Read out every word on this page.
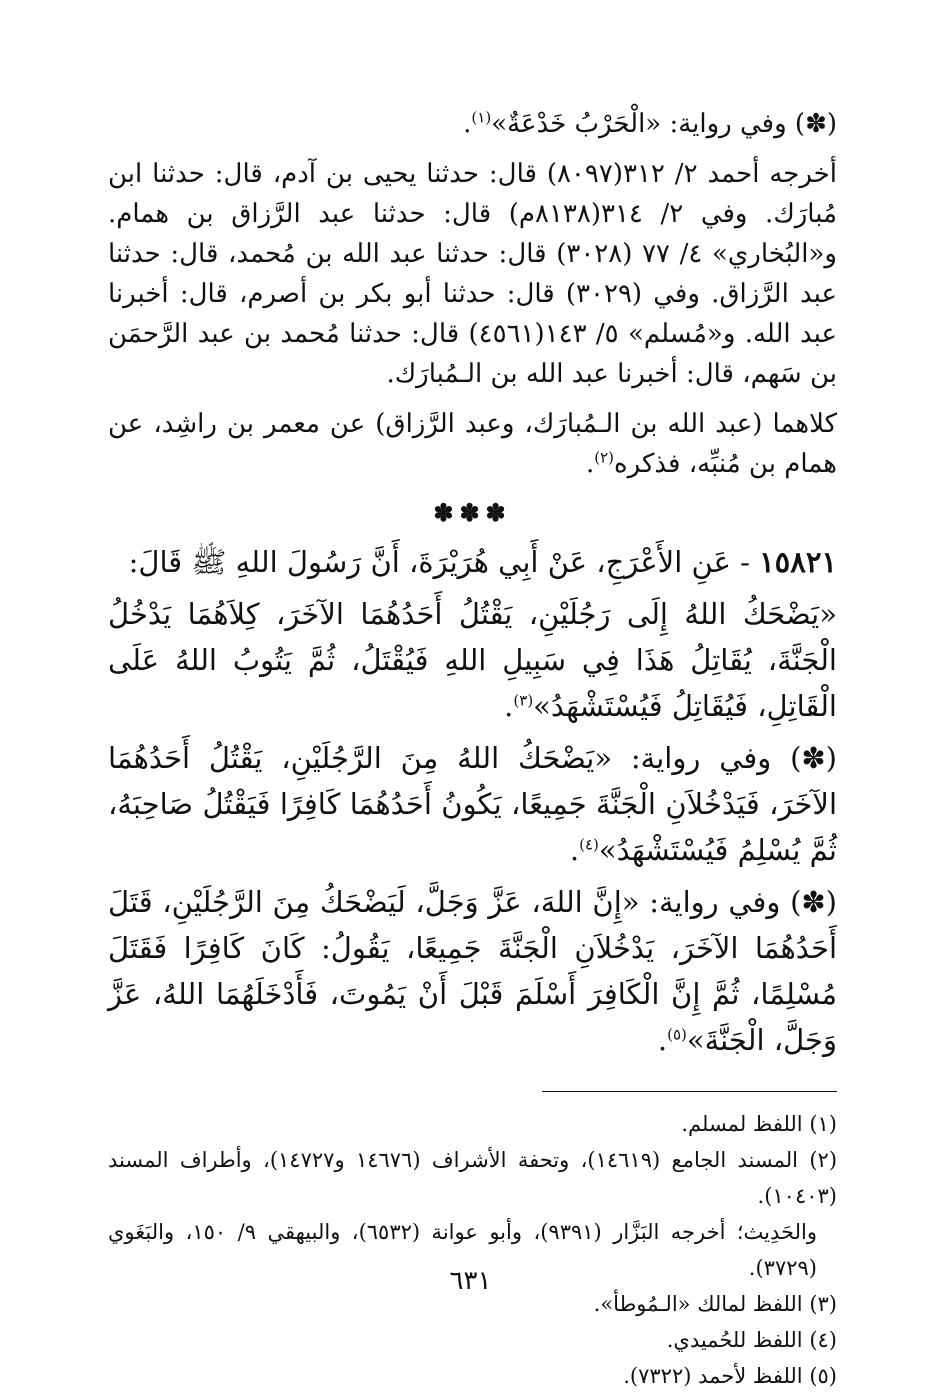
(✽) وفي رواية: «الْحَرْبُ خَدْعَةٌ»$^{(١)}$.

أخرجه أحمد ٢/ ٣١٢(٨٠٩٧) قال: حدثنا يحيى بن آدم، قال: حدثنا ابن مُبارَك. وفي ٢/ ٣١٤(٨١٣٨م) قال: حدثنا عبد الرَّزاق بن همام. و«البُخاري» ٤/ ٧٧ (٣٠٢٨) قال: حدثنا عبد الله بن مُحمد، قال: حدثنا عبد الرَّزاق. وفي (٣٠٢٩) قال: حدثنا أبو بكر بن أصرم، قال: أخبرنا عبد الله. و«مُسلم» ٥/ ١٤٣(٤٥٦١) قال: حدثنا مُحمد بن عبد الرَّحمَن بن سَهم، قال: أخبرنا عبد الله بن الـمُبارَك.

كلاهما (عبد الله بن الـمُبارَك، وعبد الرَّزاق) عن معمر بن راشِد، عن همام بن مُنبِّه، فذكره$^{(٢)}$.

✽✽✽

١٥٨٢١ - عَنِ الأَعْرَجِ، عَنْ أَبِي هُرَيْرَةَ، أَنَّ رَسُولَ اللهِ ﷺ قَالَ:

«يَضْحَكُ اللهُ إِلَى رَجُلَيْنِ، يَقْتُلُ أَحَدُهُمَا الآخَرَ، كِلاَهُمَا يَدْخُلُ الْجَنَّةَ، يُقَاتِلُ هَذَا فِي سَبِيلِ اللهِ فَيُقْتَلُ، ثُمَّ يَتُوبُ اللهُ عَلَى الْقَاتِلِ، فَيُقَاتِلُ فَيُسْتَشْهَدُ»$^{(٣)}$.

(✽) وفي رواية: «يَضْحَكُ اللهُ مِنَ الرَّجُلَيْنِ، يَقْتُلُ أَحَدُهُمَا الآخَرَ، فَيَدْخُلاَنِ الْجَنَّةَ جَمِيعًا، يَكُونُ أَحَدُهُمَا كَافِرًا فَيَقْتُلُ صَاحِبَهُ، ثُمَّ يُسْلِمُ فَيُسْتَشْهَدُ»$^{(٤)}$.

(✽) وفي رواية: «إِنَّ اللهَ، عَزَّ وَجَلَّ، لَيَضْحَكُ مِنَ الرَّجُلَيْنِ، قَتَلَ أَحَدُهُمَا الآخَرَ، يَدْخُلاَنِ الْجَنَّةَ جَمِيعًا، يَقُولُ: كَانَ كَافِرًا فَقَتَلَ مُسْلِمًا، ثُمَّ إِنَّ الْكَافِرَ أَسْلَمَ قَبْلَ أَنْ يَمُوتَ، فَأَدْخَلَهُمَا اللهُ، عَزَّ وَجَلَّ، الْجَنَّةَ»$^{(٥)}$.

(١) اللفظ لمسلم.

(٢) المسند الجامع (١٤٦١٩)، وتحفة الأشراف (١٤٦٧٦ و١٤٧٢٧)، وأطراف المسند (١٠٤٠٣).

والحَدِيث؛ أخرجه البَزَّار (٩٣٩١)، وأبو عوانة (٦٥٣٢)، والبيهقي ٩/ ١٥٠، والبَغَوي (٣٧٢٩).

(٣) اللفظ لمالك «الـمُوطأ».

(٤) اللفظ للحُميدي.

(٥) اللفظ لأحمد (٧٣٢٢).

٦٣١
